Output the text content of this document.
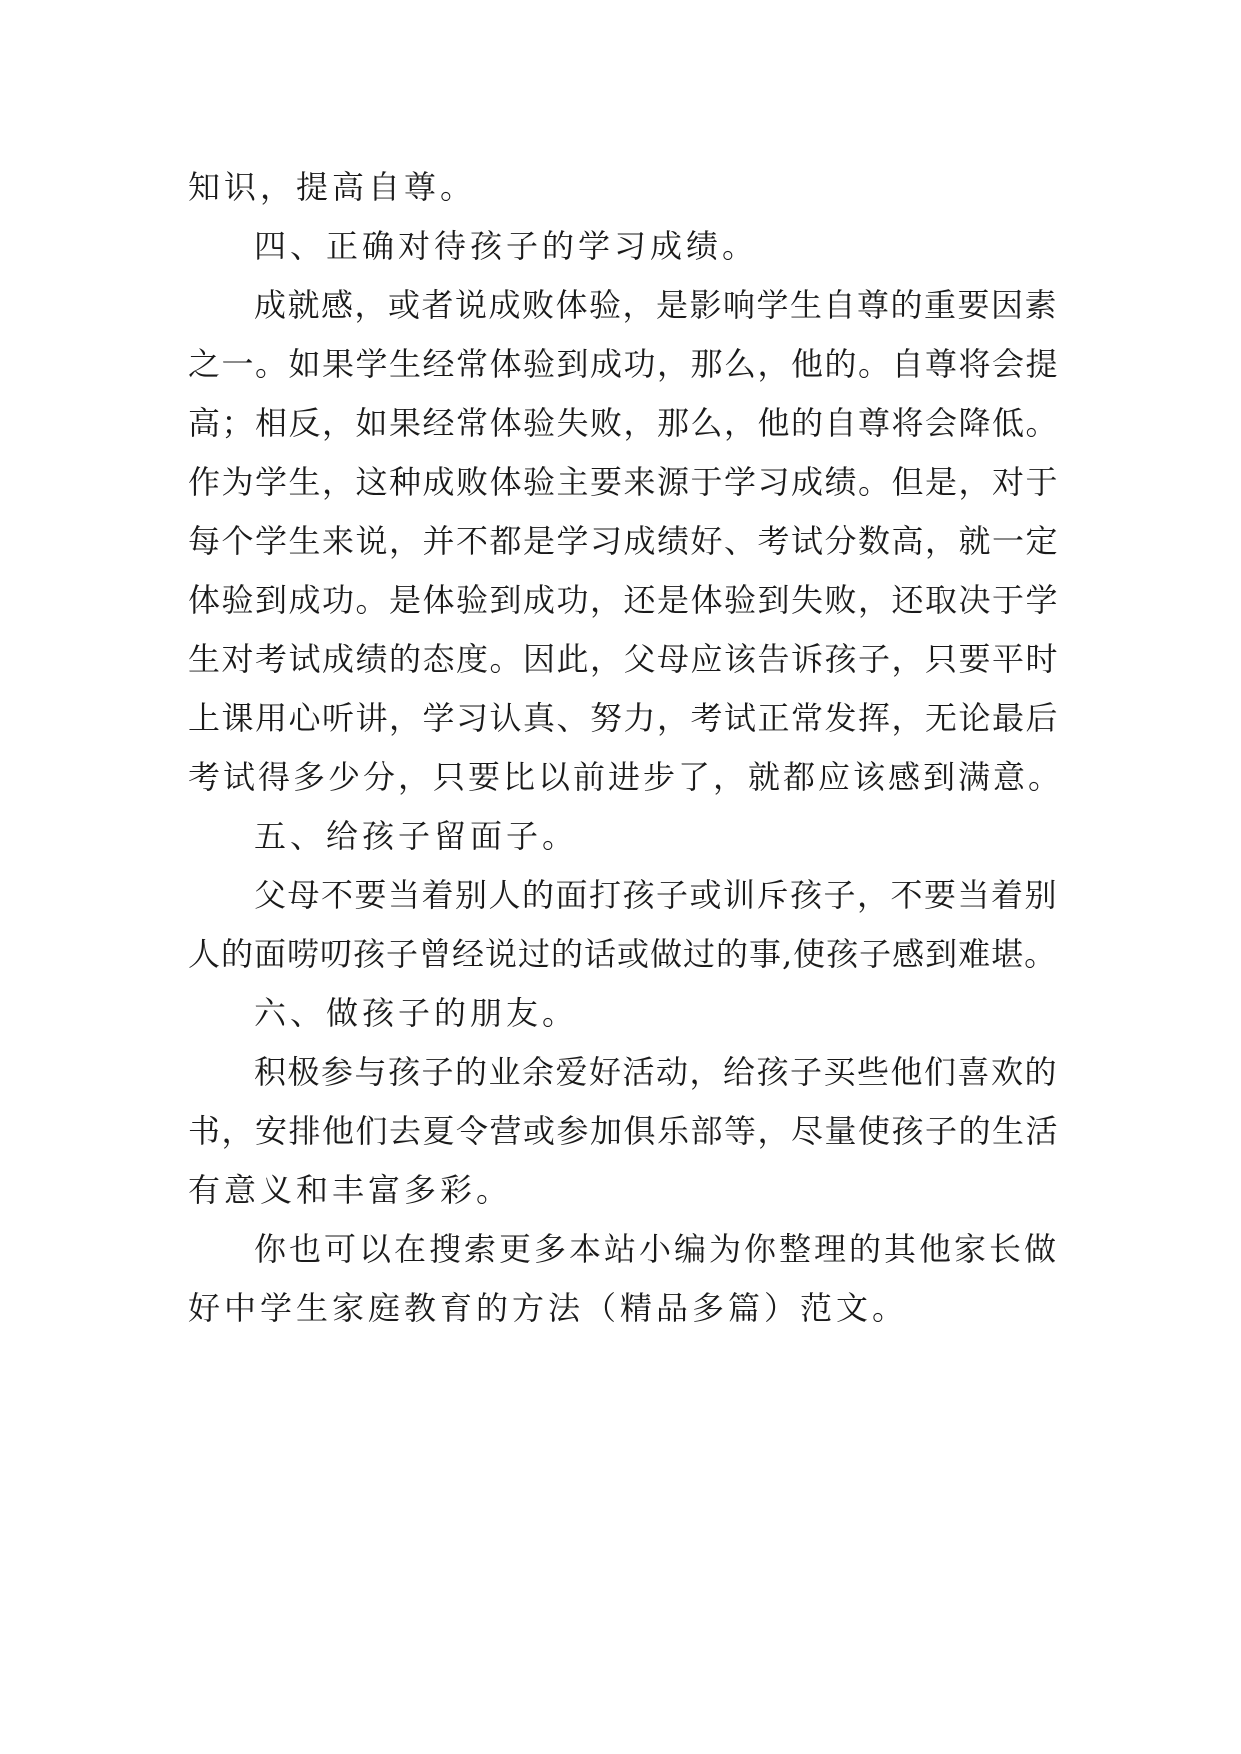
知识，提高自尊。
四、正确对待孩子的学习成绩。
成就感，或者说成败体验，是影响学生自尊的重要因素
之一。如果学生经常体验到成功，那么，他的。自尊将会提
高；相反，如果经常体验失败，那么，他的自尊将会降低。
作为学生，这种成败体验主要来源于学习成绩。但是，对于
每个学生来说，并不都是学习成绩好、考试分数高，就一定
体验到成功。是体验到成功，还是体验到失败，还取决于学
生对考试成绩的态度。因此，父母应该告诉孩子，只要平时
上课用心听讲，学习认真、努力，考试正常发挥，无论最后
考试得多少分，只要比以前进步了，就都应该感到满意。
五、给孩子留面子。
父母不要当着别人的面打孩子或训斥孩子，不要当着别
人的面唠叨孩子曾经说过的话或做过的事,使孩子感到难堪。
六、做孩子的朋友。
积极参与孩子的业余爱好活动，给孩子买些他们喜欢的
书，安排他们去夏令营或参加俱乐部等，尽量使孩子的生活
有意义和丰富多彩。
你也可以在搜索更多本站小编为你整理的其他家长做
好中学生家庭教育的方法（精品多篇）范文。
